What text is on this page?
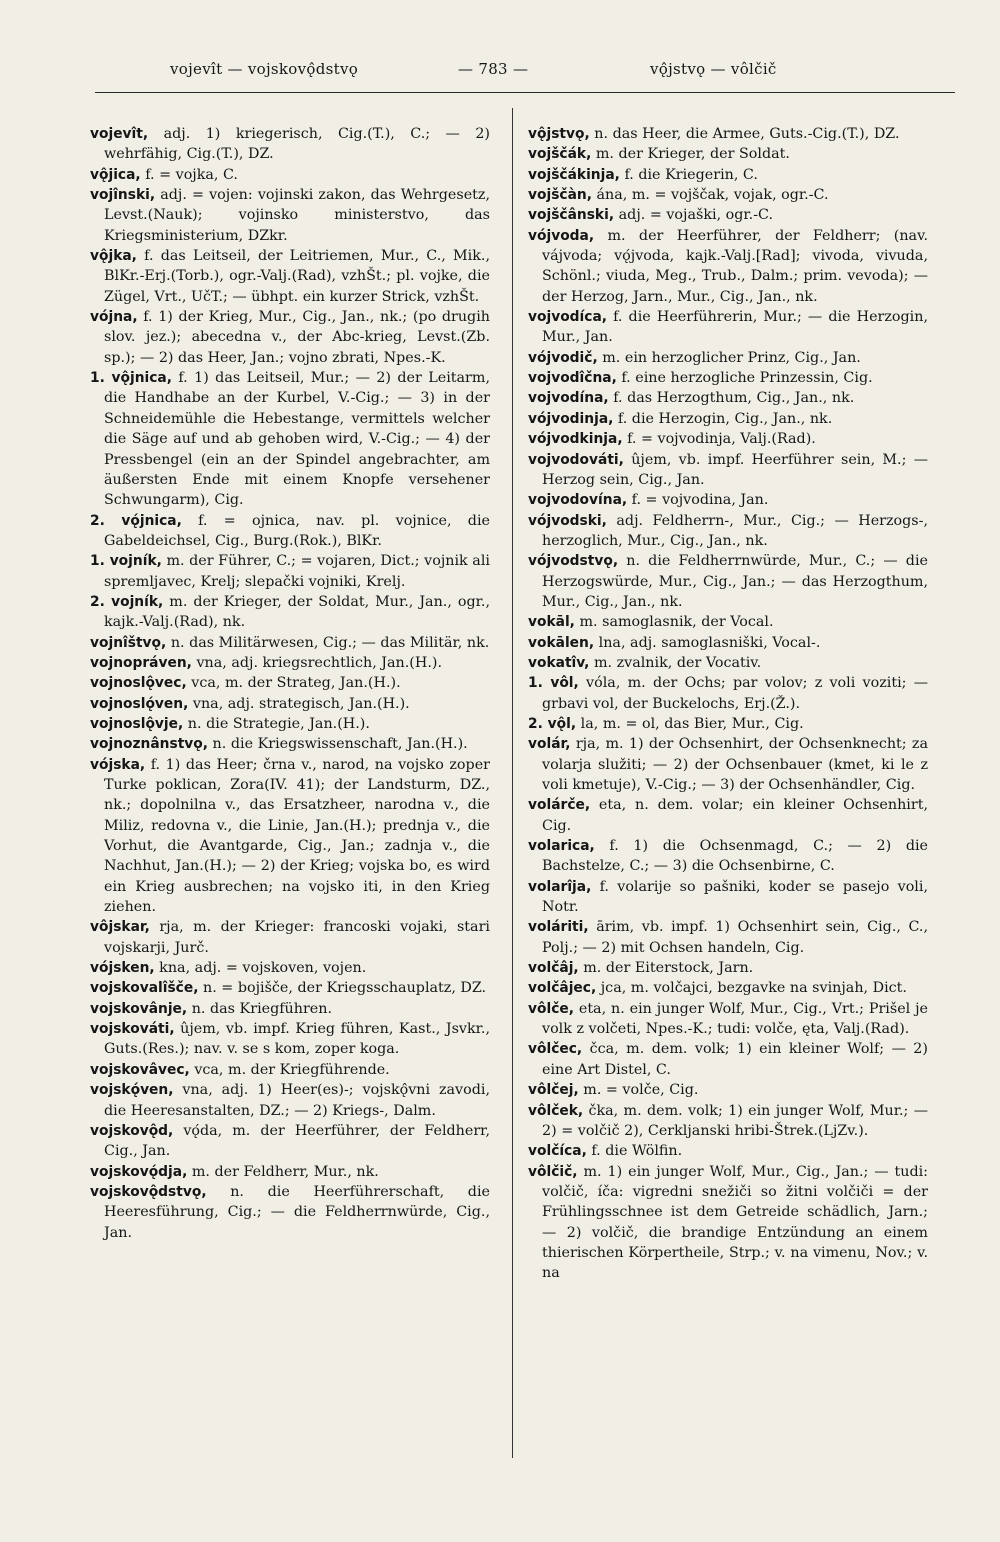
vojevît — vojskovǫ̂dstvǫ	— 783 —	vǫ̂jstvǫ — vôlčič

vojevît, adj. 1) kriegerisch, Cig.(T.), C.; — 2) wehrfähig, Cig.(T.), DZ.

vǫ̂jica, f. = vojka, C.

vojînski, adj. = vojen: vojinski zakon, das Wehrgesetz, Levst.(Nauk); vojinsko ministerstvo, das Kriegsministerium, DZkr.

vǫ̂jka, f. das Leitseil, der Leitriemen, Mur., C., Mik., BlKr.-Erj.(Torb.), ogr.-Valj.(Rad), vzhŠt.; pl. vojke, die Zügel, Vrt., UčT.; — übhpt. ein kurzer Strick, vzhŠt.

vójna, f. 1) der Krieg, Mur., Cig., Jan., nk.; (po drugih slov. jez.); abecedna v., der Abc-krieg, Levst.(Zb. sp.); — 2) das Heer, Jan.; vojno zbrati, Npes.-K.

1. vǫ̂jnica, f. 1) das Leitseil, Mur.; — 2) der Leitarm, die Handhabe an der Kurbel, V.-Cig.; — 3) in der Schneidemühle die Hebestange, vermittels welcher die Säge auf und ab gehoben wird, V.-Cig.; — 4) der Pressbengel (ein an der Spindel angebrachter, am äußersten Ende mit einem Knopfe versehener Schwungarm), Cig.

2. vǫ́jnica, f. = ojnica, nav. pl. vojnice, die Gabeldeichsel, Cig., Burg.(Rok.), BlKr.

1. vojník, m. der Führer, C.; = vojaren, Dict.; vojnik ali spremljavec, Krelj; slepački vojniki, Krelj.

2. vojník, m. der Krieger, der Soldat, Mur., Jan., ogr., kajk.-Valj.(Rad), nk.

vojnîštvǫ, n. das Militärwesen, Cig.; — das Militär, nk.

vojnopráven, vna, adj. kriegsrechtlich, Jan.(H.).

vojnoslǫ̂vec, vca, m. der Strateg, Jan.(H.).

vojnoslǫ́ven, vna, adj. strategisch, Jan.(H.).

vojnoslǫ̂vje, n. die Strategie, Jan.(H.).

vojnoznânstvǫ, n. die Kriegswissenschaft, Jan.(H.).

vójska, f. 1) das Heer; črna v., narod, na vojsko zoper Turke poklican, Zora(IV. 41); der Landsturm, DZ., nk.; dopolnilna v., das Ersatzheer, narodna v., die Miliz, redovna v., die Linie, Jan.(H.); prednja v., die Vorhut, die Avantgarde, Cig., Jan.; zadnja v., die Nachhut, Jan.(H.); — 2) der Krieg; vojska bo, es wird ein Krieg ausbrechen; na vojsko iti, in den Krieg ziehen.

vôjskar, rja, m. der Krieger: francoski vojaki, stari vojskarji, Jurč.

vójsken, kna, adj. = vojskoven, vojen.

vojskovalîšče, n. = bojišče, der Kriegsschauplatz, DZ.

vojskovânje, n. das Kriegführen.

vojskováti, ûjem, vb. impf. Krieg führen, Kast., Jsvkr., Guts.(Res.); nav. v. se s kom, zoper koga.

vojskovâvec, vca, m. der Kriegführende.

vojskǫ́ven, vna, adj. 1) Heer(es)-; vojskǫ̂vni zavodi, die Heeresanstalten, DZ.; — 2) Kriegs-, Dalm.

vojskovǫ̂d, vǫ́da, m. der Heerführer, der Feldherr, Cig., Jan.

vojskovǫ́dja, m. der Feldherr, Mur., nk.

vojskovǫ̂dstvǫ, n. die Heerführerschaft, die Heeresführung, Cig.; — die Feldherrnwürde, Cig., Jan.

vǫ̂jstvǫ, n. das Heer, die Armee, Guts.-Cig.(T.), DZ.

vojščák, m. der Krieger, der Soldat.

vojščákinja, f. die Kriegerin, C.

vojščàn, ána, m. = vojščak, vojak, ogr.-C.

vojščânski, adj. = vojaški, ogr.-C.

vójvoda, m. der Heerführer, der Feldherr; (nav. vájvoda; vǫ́jvoda, kajk.-Valj.[Rad]; vivoda, vivuda, Schönl.; viuda, Meg., Trub., Dalm.; prim. vevoda); — der Herzog, Jarn., Mur., Cig., Jan., nk.

vojvodíca, f. die Heerführerin, Mur.; — die Herzogin, Mur., Jan.

vójvodič, m. ein herzoglicher Prinz, Cig., Jan.

vojvodîčna, f. eine herzogliche Prinzessin, Cig.

vojvodína, f. das Herzogthum, Cig., Jan., nk.

vójvodinja, f. die Herzogin, Cig., Jan., nk.

vójvodkinja, f. = vojvodinja, Valj.(Rad).

vojvodováti, ûjem, vb. impf. Heerführer sein, M.; — Herzog sein, Cig., Jan.

vojvodovína, f. = vojvodina, Jan.

vójvodski, adj. Feldherrn-, Mur., Cig.; — Herzogs-, herzoglich, Mur., Cig., Jan., nk.

vójvodstvǫ, n. die Feldherrnwürde, Mur., C.; — die Herzogswürde, Mur., Cig., Jan.; — das Herzogthum, Mur., Cig., Jan., nk.

vokāl, m. samoglasnik, der Vocal.

vokālen, lna, adj. samoglasniški, Vocal-.

vokatîv, m. zvalnik, der Vocativ.

1. vôl, vóla, m. der Ochs; par volov; z voli voziti; — grbavi vol, der Buckelochs, Erj.(Ž.).

2. vǫ̂l, la, m. = ol, das Bier, Mur., Cig.

volár, rja, m. 1) der Ochsenhirt, der Ochsenknecht; za volarja služiti; — 2) der Ochsenbauer (kmet, ki le z voli kmetuje), V.-Cig.; — 3) der Ochsenhändler, Cig.

volárče, eta, n. dem. volar; ein kleiner Ochsenhirt, Cig.

volarica, f. 1) die Ochsenmagd, C.; — 2) die Bachstelze, C.; — 3) die Ochsenbirne, C.

volarîja, f. volarije so pašniki, koder se pasejo voli, Notr.

voláriti, ārim, vb. impf. 1) Ochsenhirt sein, Cig., C., Polj.; — 2) mit Ochsen handeln, Cig.

volčâj, m. der Eiterstock, Jarn.

volčâjec, jca, m. volčajci, bezgavke na svinjah, Dict.

vôlče, eta, n. ein junger Wolf, Mur., Cig., Vrt.; Prišel je volk z volčeti, Npes.-K.; tudi: volče, ęta, Valj.(Rad).

vôlčec, čca, m. dem. volk; 1) ein kleiner Wolf; — 2) eine Art Distel, C.

vôlčej, m. = volče, Cig.

vôlček, čka, m. dem. volk; 1) ein junger Wolf, Mur.; — 2) = volčič 2), Cerkljanski hribi-Štrek.(LjZv.).

volčíca, f. die Wölfin.

vôlčič, m. 1) ein junger Wolf, Mur., Cig., Jan.; — tudi: volčič, íča: vigredni snežiči so žitni volčiči = der Frühlingsschnee ist dem Getreide schädlich, Jarn.; — 2) volčič, die brandige Entzündung an einem thierischen Körpertheile, Strp.; v. na vimenu, Nov.; v. na
